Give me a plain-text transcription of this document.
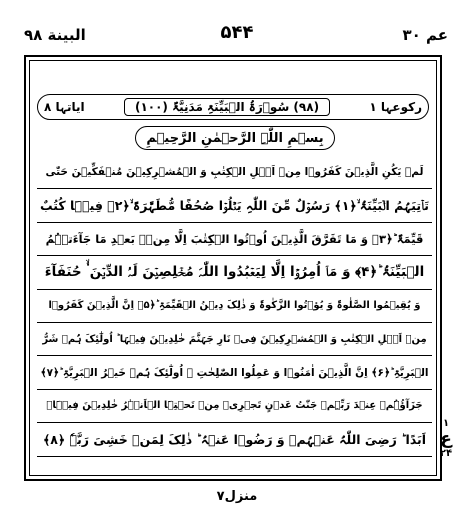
البینة ۹۸	۵۴۴	عم ۳۰
ایاتہا ۸	(۹۸) سُوۡرَۃُ الۡبَیِّنَۃِ مَدَنِیَّۃٌ (۱۰۰)	رکوعہا ۱
بِسۡمِ اللّٰہِ الرَّحۡمٰنِ الرَّحِیۡمِ
لَمۡ یَکُنِ الَّذِیۡنَ کَفَرُوۡا مِنۡ اَہۡلِ الۡکِتٰبِ وَ الۡمُشۡرِکِیۡنَ مُنۡفَکِّیۡنَ حَتّٰی
تَاۡتِیَہُمُ الۡبَیِّنَۃُ ۙ﴿۱﴾ رَسُوۡلٌ مِّنَ اللّٰہِ یَتۡلُوۡا صُحُفًا مُّطَہَّرَۃً ۙ﴿۲﴾ فِیۡہَا کُتُبٌ
قَیِّمَۃٌ ؕ﴿۳﴾ وَ مَا تَفَرَّقَ الَّذِیۡنَ اُوۡتُوا الۡکِتٰبَ اِلَّا مِنۡۢ بَعۡدِ مَا جَآءَتۡہُمُ
الۡبَیِّنَۃُ ؕ﴿۴﴾ وَ مَاۤ اُمِرُوۡۤا اِلَّا لِیَعۡبُدُوا اللّٰہَ مُخۡلِصِیۡنَ لَہُ الدِّیۡنَ ۬ۙ حُنَفَآءَ
وَ یُقِیۡمُوا الصَّلٰوۃَ وَ یُؤۡتُوا الزَّکٰوۃَ وَ ذٰلِکَ دِیۡنُ الۡقَیِّمَۃِ ؕ﴿۵﴾ اِنَّ الَّذِیۡنَ کَفَرُوۡا
مِنۡ اَہۡلِ الۡکِتٰبِ وَ الۡمُشۡرِکِیۡنَ فِیۡ نَارِ جَہَنَّمَ خٰلِدِیۡنَ فِیۡہَا ؕ اُولٰٓئِکَ ہُمۡ شَرُّ
الۡبَرِیَّۃِ ؕ﴿۶﴾ اِنَّ الَّذِیۡنَ اٰمَنُوۡا وَ عَمِلُوا الصّٰلِحٰتِ ۙ اُولٰٓئِکَ ہُمۡ خَیۡرُ الۡبَرِیَّۃِ ؕ﴿۷﴾
جَزَآؤُہُمۡ عِنۡدَ رَبِّہِمۡ جَنّٰتُ عَدۡنٍ تَجۡرِیۡ مِنۡ تَحۡتِہَا الۡاَنۡہٰرُ خٰلِدِیۡنَ فِیۡہَاۤ
اَبَدًا ؕ رَضِیَ اللّٰہُ عَنۡہُمۡ وَ رَضُوۡا عَنۡہُ ؕ ذٰلِکَ لِمَنۡ خَشِیَ رَبَّہٗ ﴿۸﴾
۱
ع
۲۴
منزل۷
